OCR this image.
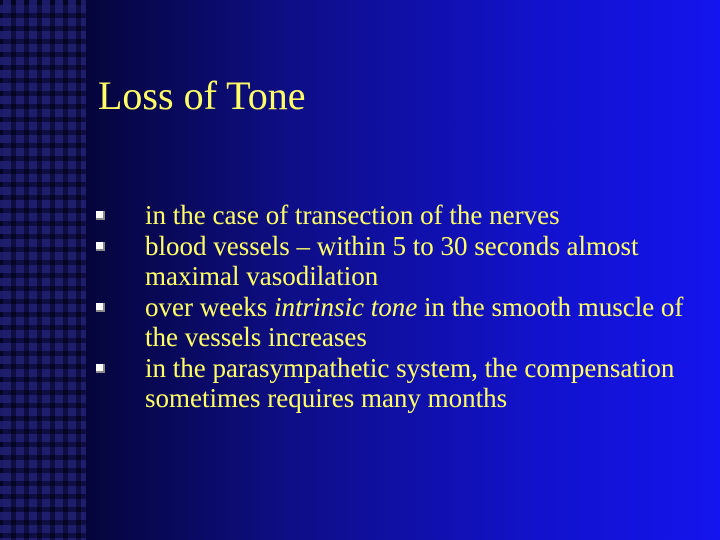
Loss of Tone
in the case of transection of the nerves
blood vessels – within 5 to 30 seconds almost maximal vasodilation
over weeks intrinsic tone in the smooth muscle of the vessels increases
in the parasympathetic system, the compensation sometimes requires many months
